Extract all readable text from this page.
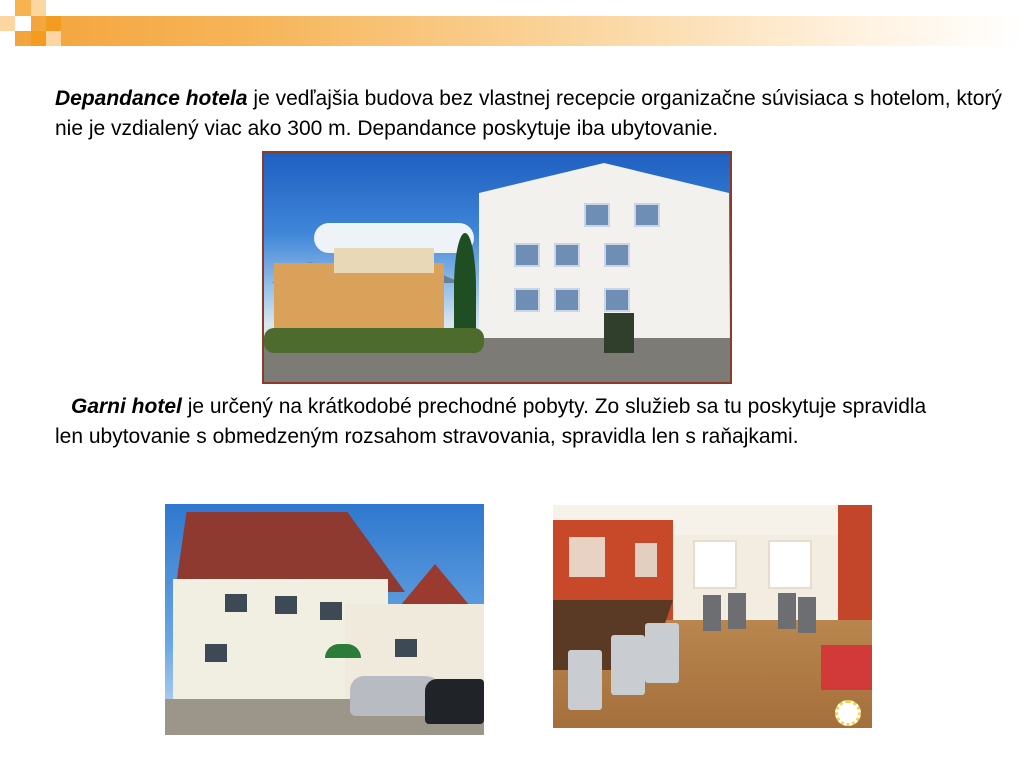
Depandance hotela je vedľajšia budova bez vlastnej recepcie organizačne súvisiaca s hotelom, ktorý nie je vzdialený viac ako 300 m. Depandance poskytuje iba ubytovanie.
Garni hotel je určený na krátkodobé prechodné pobyty. Zo služieb sa tu poskytuje spravidla len ubytovanie s obmedzeným rozsahom stravovania, spravidla len s raňajkami.
